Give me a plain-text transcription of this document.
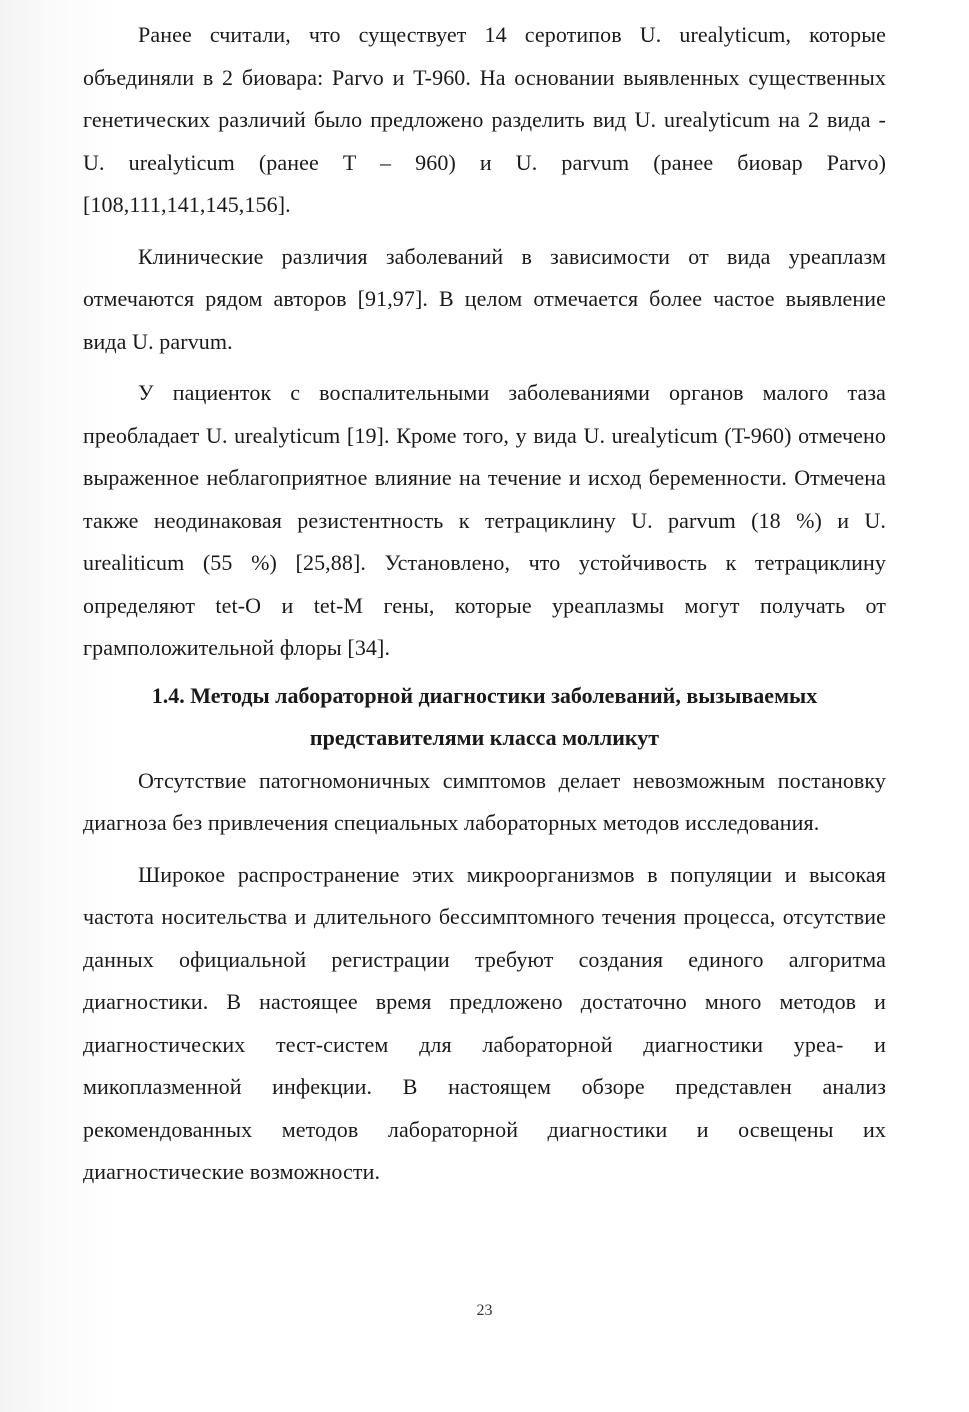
Ранее считали, что существует 14 серотипов U. urealyticum, которые объединяли в 2 биовара: Parvo и T-960. На основании выявленных существенных генетических различий было предложено разделить вид U. urealyticum на 2 вида - U. urealyticum (ранее T – 960) и U. parvum (ранее биовар Parvo) [108,111,141,145,156].

Клинические различия заболеваний в зависимости от вида уреаплазм отмечаются рядом авторов [91,97]. В целом отмечается более частое выявление вида U. parvum.

У пациенток с воспалительными заболеваниями органов малого таза преобладает U. urealyticum [19]. Кроме того, у вида U. urealyticum (T-960) отмечено выраженное неблагоприятное влияние на течение и исход беременности. Отмечена также неодинаковая резистентность к тетрациклину U. parvum (18 %) и U. urealiticum (55 %) [25,88]. Установлено, что устойчивость к тетрациклину определяют tet-O и tet-M гены, которые уреаплазмы могут получать от грамположительной флоры [34].

1.4. Методы лабораторной диагностики заболеваний, вызываемых
представителями класса молликут

Отсутствие патогномоничных симптомов делает невозможным постановку диагноза без привлечения специальных лабораторных методов исследования.

Широкое распространение этих микроорганизмов в популяции и высокая частота носительства и длительного бессимптомного течения процесса, отсутствие данных официальной регистрации требуют создания единого алгоритма диагностики. В настоящее время предложено достаточно много методов и диагностических тест-систем для лабораторной диагностики уреа- и микоплазменной инфекции. В настоящем обзоре представлен анализ рекомендованных методов лабораторной диагностики и освещены их диагностические возможности.

23
